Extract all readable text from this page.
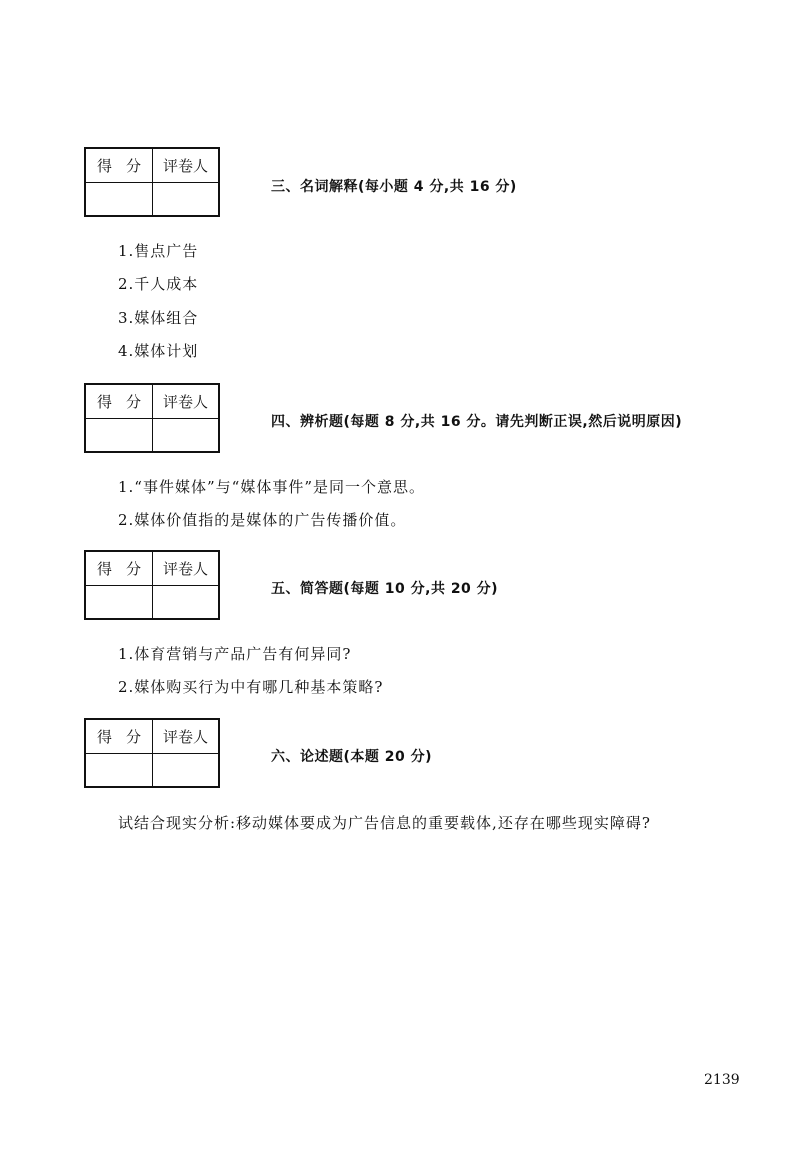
得 分	评卷人
三、名词解释(每小题 4 分,共 16 分)
1.售点广告
2.千人成本
3.媒体组合
4.媒体计划
得 分	评卷人
四、辨析题(每题 8 分,共 16 分。请先判断正误,然后说明原因)
1.“事件媒体”与“媒体事件”是同一个意思。
2.媒体价值指的是媒体的广告传播价值。
得 分	评卷人
五、简答题(每题 10 分,共 20 分)
1.体育营销与产品广告有何异同?
2.媒体购买行为中有哪几种基本策略?
得 分	评卷人
六、论述题(本题 20 分)
试结合现实分析:移动媒体要成为广告信息的重要载体,还存在哪些现实障碍?
2139
